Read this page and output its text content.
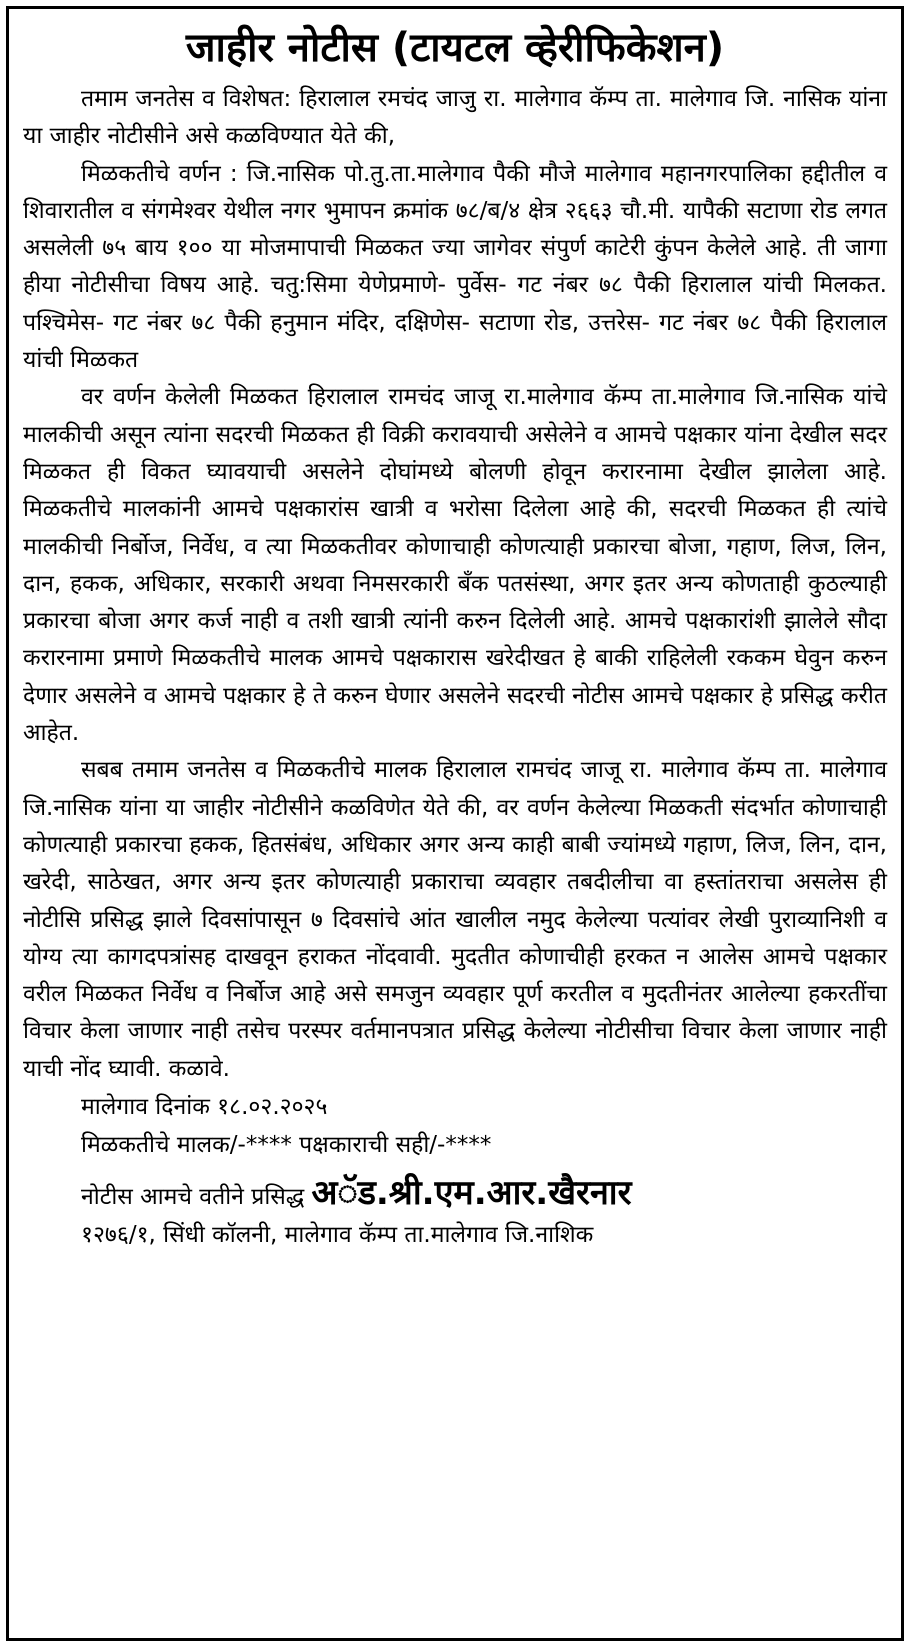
जाहीर नोटीस (टायटल व्हेरीफिकेशन)

तमाम जनतेस व विशेषत: हिरालाल रमचंद जाजु रा. मालेगाव कॅम्प ता. मालेगाव जि. नासिक यांना या जाहीर नोटीसीने असे कळविण्यात येते की,

मिळकतीचे वर्णन : जि.नासिक पो.तु.ता.मालेगाव पैकी मौजे मालेगाव महानगरपालिका हद्दीतील व शिवारातील व संगमेश्वर येथील नगर भुमापन क्रमांक ७८/ब/४ क्षेत्र २६६३ चौ.मी. यापैकी सटाणा रोड लगत असलेली ७५ बाय १०० या मोजमापाची मिळकत ज्या जागेवर संपुर्ण काटेरी कुंपन केलेले आहे. ती जागा हीया नोटीसीचा विषय आहे. चतु:सिमा येणेप्रमाणे- पुर्वेस- गट नंबर ७८ पैकी हिरालाल यांची मिलकत. पश्चिमेस- गट नंबर ७८ पैकी हनुमान मंदिर, दक्षिणेस- सटाणा रोड, उत्तरेस- गट नंबर ७८ पैकी हिरालाल यांची मिळकत

वर वर्णन केलेली मिळकत हिरालाल रामचंद जाजू रा.मालेगाव कॅम्प ता.मालेगाव जि.नासिक यांचे मालकीची असून त्यांना सदरची मिळकत ही विक्री करावयाची असेलेने व आमचे पक्षकार यांना देखील सदर मिळकत ही विकत घ्यावयाची असलेने दोघांमध्ये बोलणी होवून करारनामा देखील झालेला आहे. मिळकतीचे मालकांनी आमचे पक्षकारांस खात्री व भरोसा दिलेला आहे की, सदरची मिळकत ही त्यांचे मालकीची निर्बोज, निर्वेध, व त्या मिळकतीवर कोणाचाही कोणत्याही प्रकारचा बोजा, गहाण, लिज, लिन, दान, हकक, अधिकार, सरकारी अथवा निमसरकारी बँक पतसंस्था, अगर इतर अन्य कोणताही कुठल्याही प्रकारचा बोजा अगर कर्ज नाही व तशी खात्री त्यांनी करुन दिलेली आहे. आमचे पक्षकारांशी झालेले सौदा करारनामा प्रमाणे मिळकतीचे मालक आमचे पक्षकारास खरेदीखत हे बाकी राहिलेली रककम घेवुन करुन देणार असलेने व आमचे पक्षकार हे ते करुन घेणार असलेने सदरची नोटीस आमचे पक्षकार हे प्रसिद्ध करीत आहेत.

सबब तमाम जनतेस व मिळकतीचे मालक हिरालाल रामचंद जाजू रा. मालेगाव कॅम्प ता. मालेगाव जि.नासिक यांना या जाहीर नोटीसीने कळविणेत येते की, वर वर्णन केलेल्या मिळकती संदर्भात कोणाचाही कोणत्याही प्रकारचा हकक, हितसंबंध, अधिकार अगर अन्य काही बाबी ज्यांमध्ये गहाण, लिज, लिन, दान, खरेदी, साठेखत, अगर अन्य इतर कोणत्याही प्रकाराचा व्यवहार तबदीलीचा वा हस्तांतराचा असलेस ही नोटीसि प्रसिद्ध झाले दिवसांपासून ७ दिवसांचे आंत खालील नमुद केलेल्या पत्यांवर लेखी पुराव्यानिशी व योग्य त्या कागदपत्रांसह दाखवून हराकत नोंदवावी. मुदतीत कोणाचीही हरकत न आलेस आमचे पक्षकार वरील मिळकत निर्वेध व निर्बोज आहे असे समजुन व्यवहार पूर्ण करतील व मुदतीनंतर आलेल्या हकरतींचा विचार केला जाणार नाही तसेच परस्पर वर्तमानपत्रात प्रसिद्ध केलेल्या नोटीसीचा विचार केला जाणार नाही याची नोंद घ्यावी. कळावे.

मालेगाव दिनांक १८.०२.२०२५

मिळकतीचे मालक/-**** पक्षकाराची सही/-****

नोटीस आमचे वतीने प्रसिद्ध अॅड.श्री.एम.आर.खैरनार

१२७६/१, सिंधी कॉलनी, मालेगाव कॅम्प ता.मालेगाव जि.नाशिक
